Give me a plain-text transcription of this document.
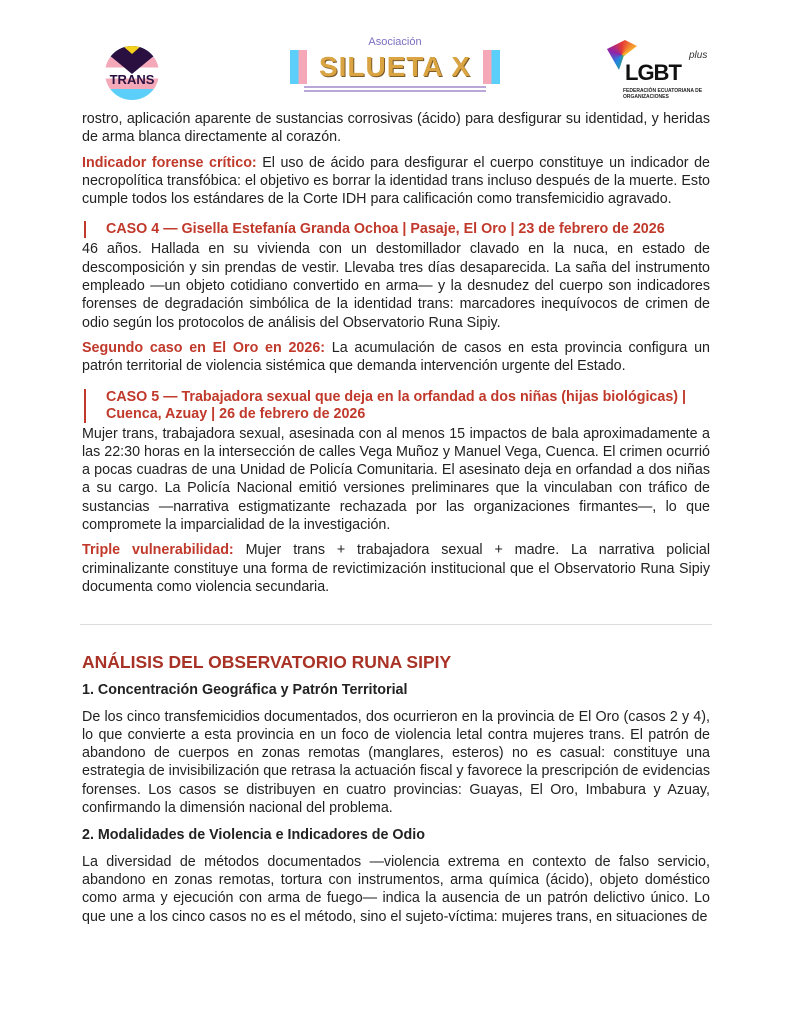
TRANS
Asociación
SILUETA X	LGBT
plus
FEDERACIÓN ECUATORIANA DE ORGANIZACIONES

rostro, aplicación aparente de sustancias corrosivas (ácido) para desfigurar su identidad, y heridas de arma blanca directamente al corazón.

Indicador forense crítico: El uso de ácido para desfigurar el cuerpo constituye un indicador de necropolítica transfóbica: el objetivo es borrar la identidad trans incluso después de la muerte. Esto cumple todos los estándares de la Corte IDH para calificación como transfemicidio agravado.

CASO 4 — Gisella Estefanía Granda Ochoa | Pasaje, El Oro | 23 de febrero de 2026

46 años. Hallada en su vivienda con un destomillador clavado en la nuca, en estado de descomposición y sin prendas de vestir. Llevaba tres días desaparecida. La saña del instrumento empleado —un objeto cotidiano convertido en arma— y la desnudez del cuerpo son indicadores forenses de degradación simbólica de la identidad trans: marcadores inequívocos de crimen de odio según los protocolos de análisis del Observatorio Runa Sipiy.

Segundo caso en El Oro en 2026: La acumulación de casos en esta provincia configura un patrón territorial de violencia sistémica que demanda intervención urgente del Estado.

CASO 5 — Trabajadora sexual que deja en la orfandad a dos niñas (hijas biológicas) | Cuenca, Azuay | 26 de febrero de 2026

Mujer trans, trabajadora sexual, asesinada con al menos 15 impactos de bala aproximadamente a las 22:30 horas en la intersección de calles Vega Muñoz y Manuel Vega, Cuenca. El crimen ocurrió a pocas cuadras de una Unidad de Policía Comunitaria. El asesinato deja en orfandad a dos niñas a su cargo. La Policía Nacional emitió versiones preliminares que la vinculaban con tráfico de sustancias —narrativa estigmatizante rechazada por las organizaciones firmantes—, lo que compromete la imparcialidad de la investigación.

Triple vulnerabilidad: Mujer trans + trabajadora sexual + madre. La narrativa policial criminalizante constituye una forma de revictimización institucional que el Observatorio Runa Sipiy documenta como violencia secundaria.

ANÁLISIS DEL OBSERVATORIO RUNA SIPIY
1. Concentración Geográfica y Patrón Territorial

De los cinco transfemicidios documentados, dos ocurrieron en la provincia de El Oro (casos 2 y 4), lo que convierte a esta provincia en un foco de violencia letal contra mujeres trans. El patrón de abandono de cuerpos en zonas remotas (manglares, esteros) no es casual: constituye una estrategia de invisibilización que retrasa la actuación fiscal y favorece la prescripción de evidencias forenses. Los casos se distribuyen en cuatro provincias: Guayas, El Oro, Imbabura y Azuay, confirmando la dimensión nacional del problema.

2. Modalidades de Violencia e Indicadores de Odio

La diversidad de métodos documentados —violencia extrema en contexto de falso servicio, abandono en zonas remotas, tortura con instrumentos, arma química (ácido), objeto doméstico como arma y ejecución con arma de fuego— indica la ausencia de un patrón delictivo único. Lo que une a los cinco casos no es el método, sino el sujeto-víctima: mujeres trans, en situaciones de
